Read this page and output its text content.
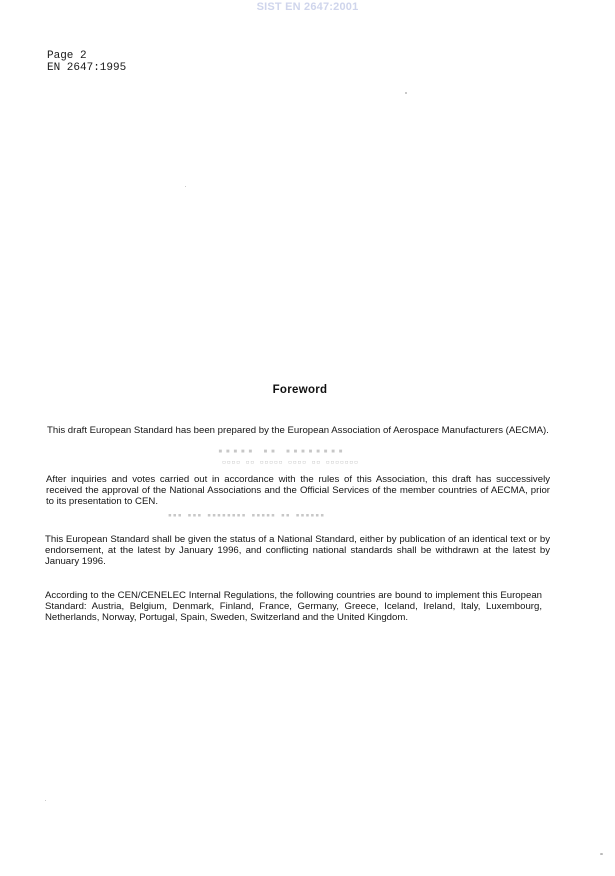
SIST EN 2647:2001
Page 2
EN 2647:1995
Foreword
This draft European Standard has been prepared by the European Association of Aerospace Manufacturers (AECMA).
After inquiries and votes carried out in accordance with the rules of this Association, this draft has successively received the approval of the National Associations and the Official Services of the member countries of AECMA, prior to its presentation to CEN.
This European Standard shall be given the status of a National Standard, either by publication of an identical text or by endorsement, at the latest by January 1996, and conflicting national standards shall be withdrawn at the latest by January 1996.
According to the CEN/CENELEC Internal Regulations, the following countries are bound to implement this European Standard: Austria, Belgium, Denmark, Finland, France, Germany, Greece, Iceland, Ireland, Italy, Luxembourg, Netherlands, Norway, Portugal, Spain, Sweden, Switzerland and the United Kingdom.
▪▪▪▪▪ ▪▪ ▪▪▪▪▪▪▪▪
▫▫▫▫ ▫▫ ▫▫▫▫▫ ▫▫▫▫ ▫▫ ▫▫▫▫▫▫▫
▪▪▪ ▪▪▪ ▪▪▪▪▪▪▪▪ ▪▪▪▪▪ ▪▪ ▪▪▪▪▪▪
